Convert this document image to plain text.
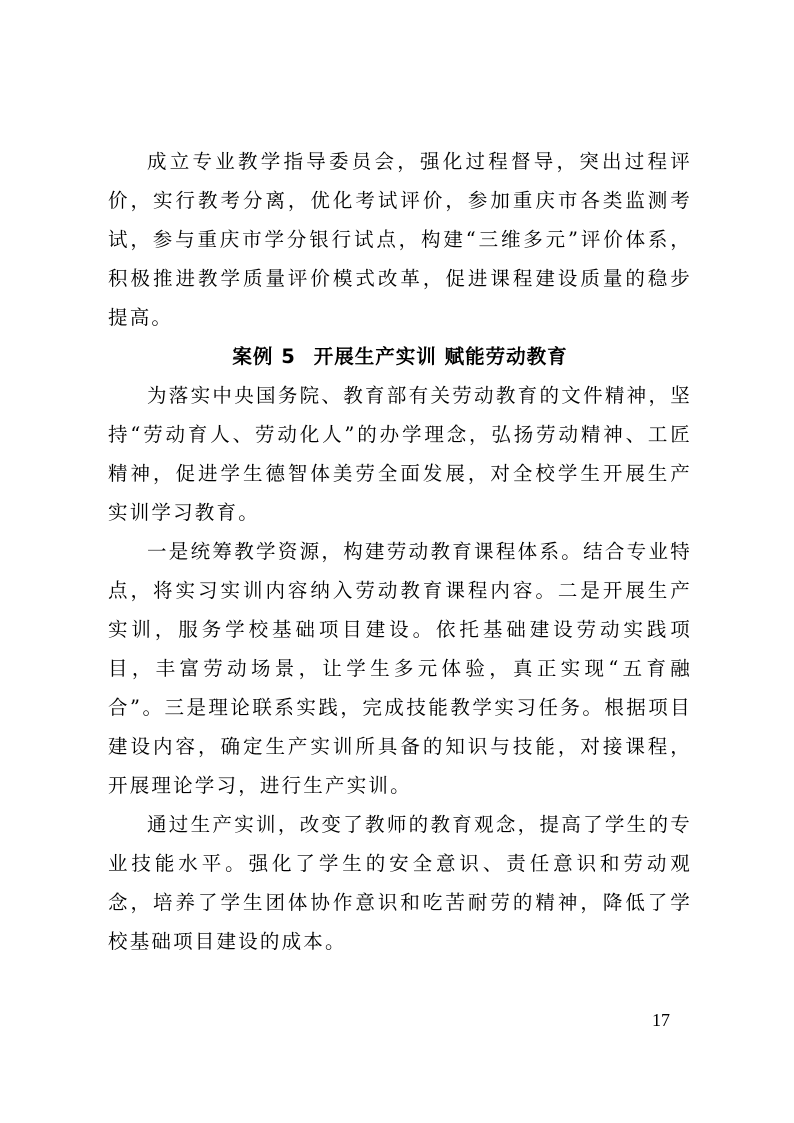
成立专业教学指导委员会，强化过程督导，突出过程评价，实行教考分离，优化考试评价，参加重庆市各类监测考试，参与重庆市学分银行试点，构建“三维多元”评价体系，积极推进教学质量评价模式改革，促进课程建设质量的稳步提高。

案例 5 开展生产实训 赋能劳动教育

为落实中央国务院、教育部有关劳动教育的文件精神，坚持“劳动育人、劳动化人”的办学理念，弘扬劳动精神、工匠精神，促进学生德智体美劳全面发展，对全校学生开展生产实训学习教育。

一是统筹教学资源，构建劳动教育课程体系。结合专业特点，将实习实训内容纳入劳动教育课程内容。二是开展生产实训，服务学校基础项目建设。依托基础建设劳动实践项目，丰富劳动场景，让学生多元体验，真正实现“五育融合”。三是理论联系实践，完成技能教学实习任务。根据项目建设内容，确定生产实训所具备的知识与技能，对接课程，开展理论学习，进行生产实训。

通过生产实训，改变了教师的教育观念，提高了学生的专业技能水平。强化了学生的安全意识、责任意识和劳动观念，培养了学生团体协作意识和吃苦耐劳的精神，降低了学校基础项目建设的成本。

17
